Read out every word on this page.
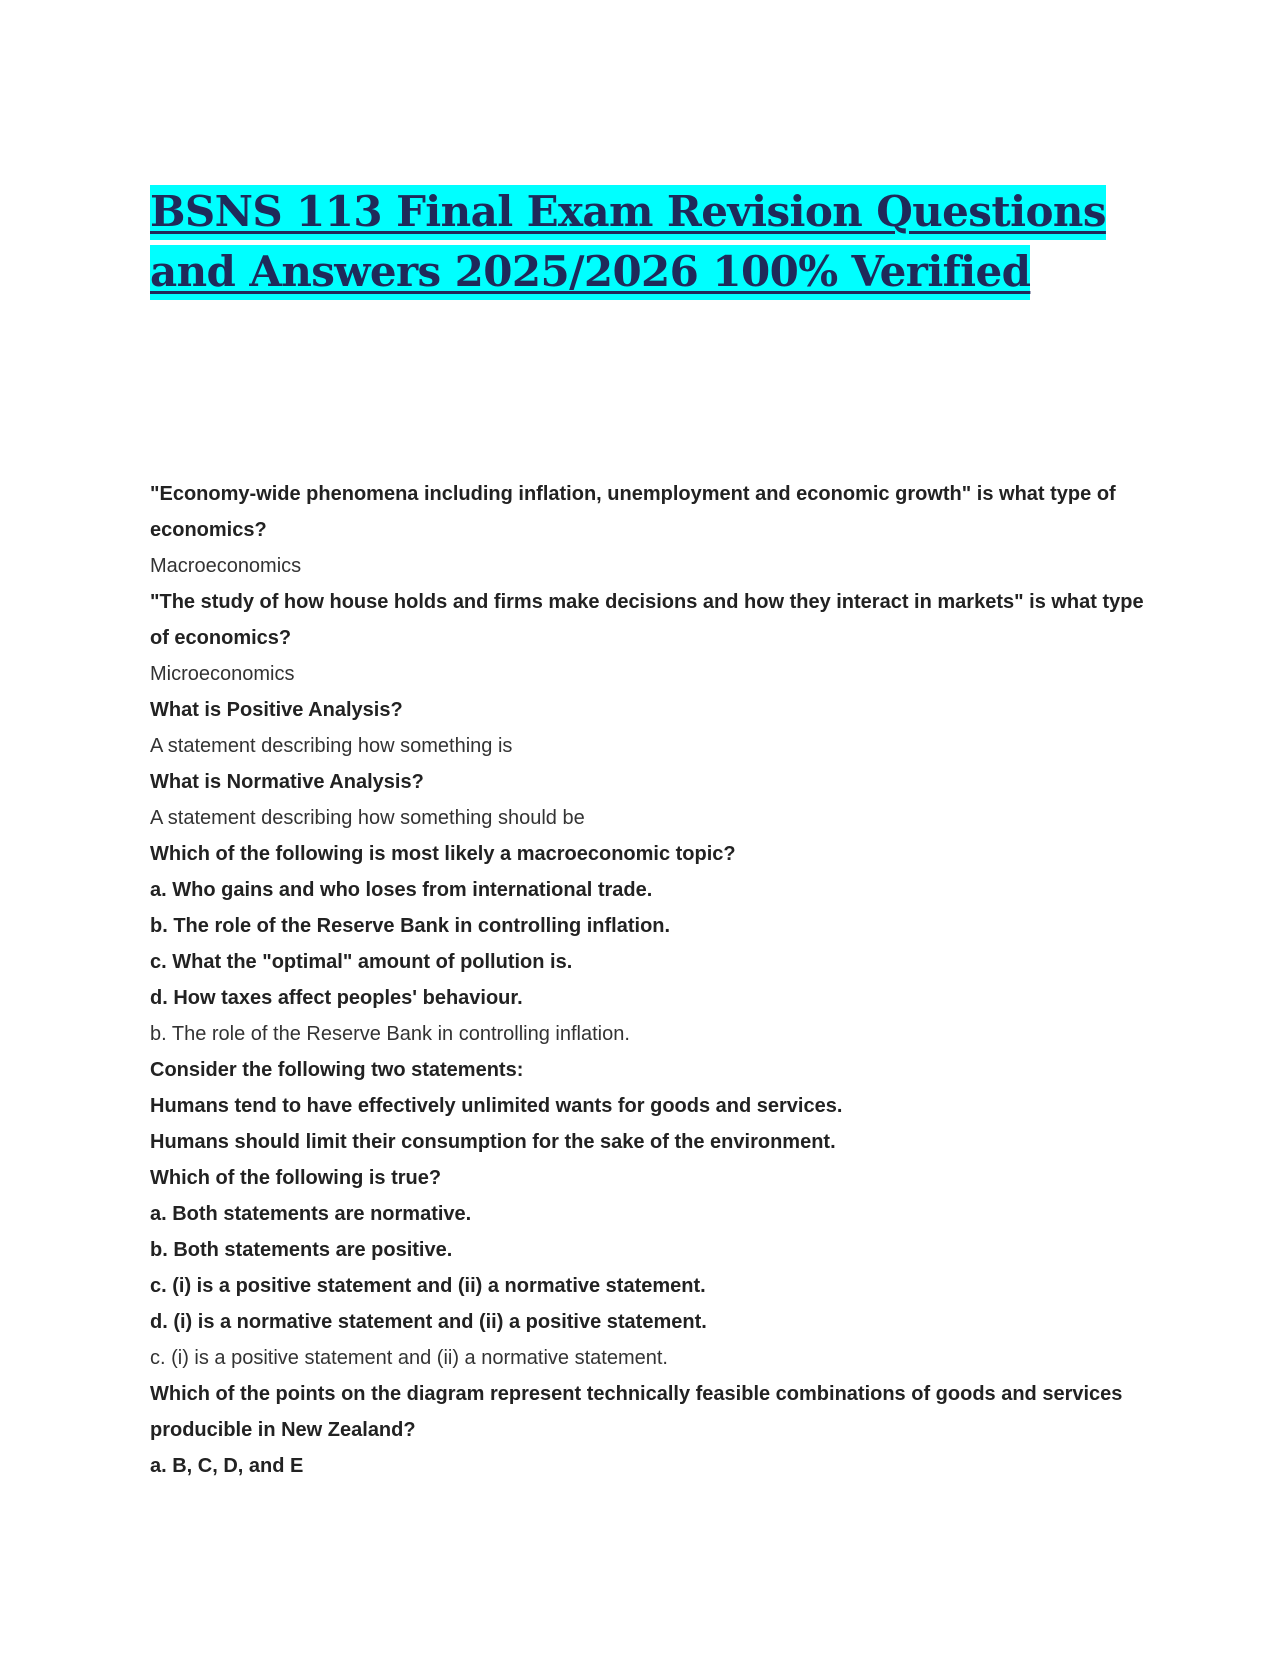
BSNS 113 Final Exam Revision Questions and Answers 2025/2026 100% Verified

"Economy-wide phenomena including inflation, unemployment and economic growth" is what type of economics?

Macroeconomics

"The study of how house holds and firms make decisions and how they interact in markets" is what type of economics?

Microeconomics

What is Positive Analysis?

A statement describing how something is

What is Normative Analysis?

A statement describing how something should be

Which of the following is most likely a macroeconomic topic?

a. Who gains and who loses from international trade.

b. The role of the Reserve Bank in controlling inflation.

c. What the "optimal" amount of pollution is.

d. How taxes affect peoples' behaviour.

b. The role of the Reserve Bank in controlling inflation.

Consider the following two statements:

Humans tend to have effectively unlimited wants for goods and services.

Humans should limit their consumption for the sake of the environment.

Which of the following is true?

a. Both statements are normative.

b. Both statements are positive.

c. (i) is a positive statement and (ii) a normative statement.

d. (i) is a normative statement and (ii) a positive statement.

c. (i) is a positive statement and (ii) a normative statement.

Which of the points on the diagram represent technically feasible combinations of goods and services producible in New Zealand?

a. B, C, D, and E
